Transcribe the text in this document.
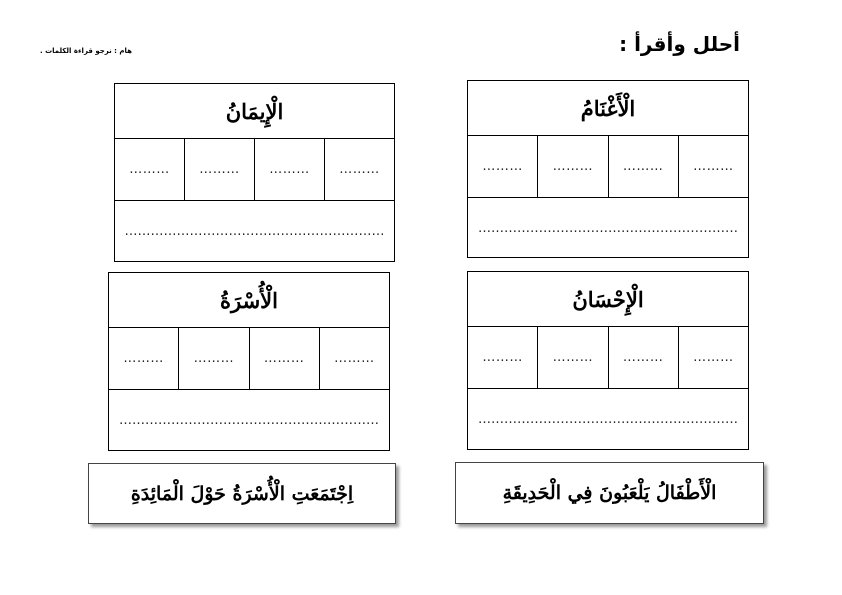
أحلل وأقرأ :
هام : نرجو قراءة الكلمات .
الْأَغْنَامُ
………	………	………	………
……………………………………………………
الْإِيمَانُ
………	………	………	………
……………………………………………………
الْإِحْسَانُ
………	………	………	………
……………………………………………………
الْأُسْرَةُ
………	………	………	………
……………………………………………………
الْأَطْفَالُ يَلْعَبُونَ فِي الْحَدِيقَةِ
اِجْتَمَعَتِ الْأُسْرَةُ حَوْلَ الْمَائِدَةِ
